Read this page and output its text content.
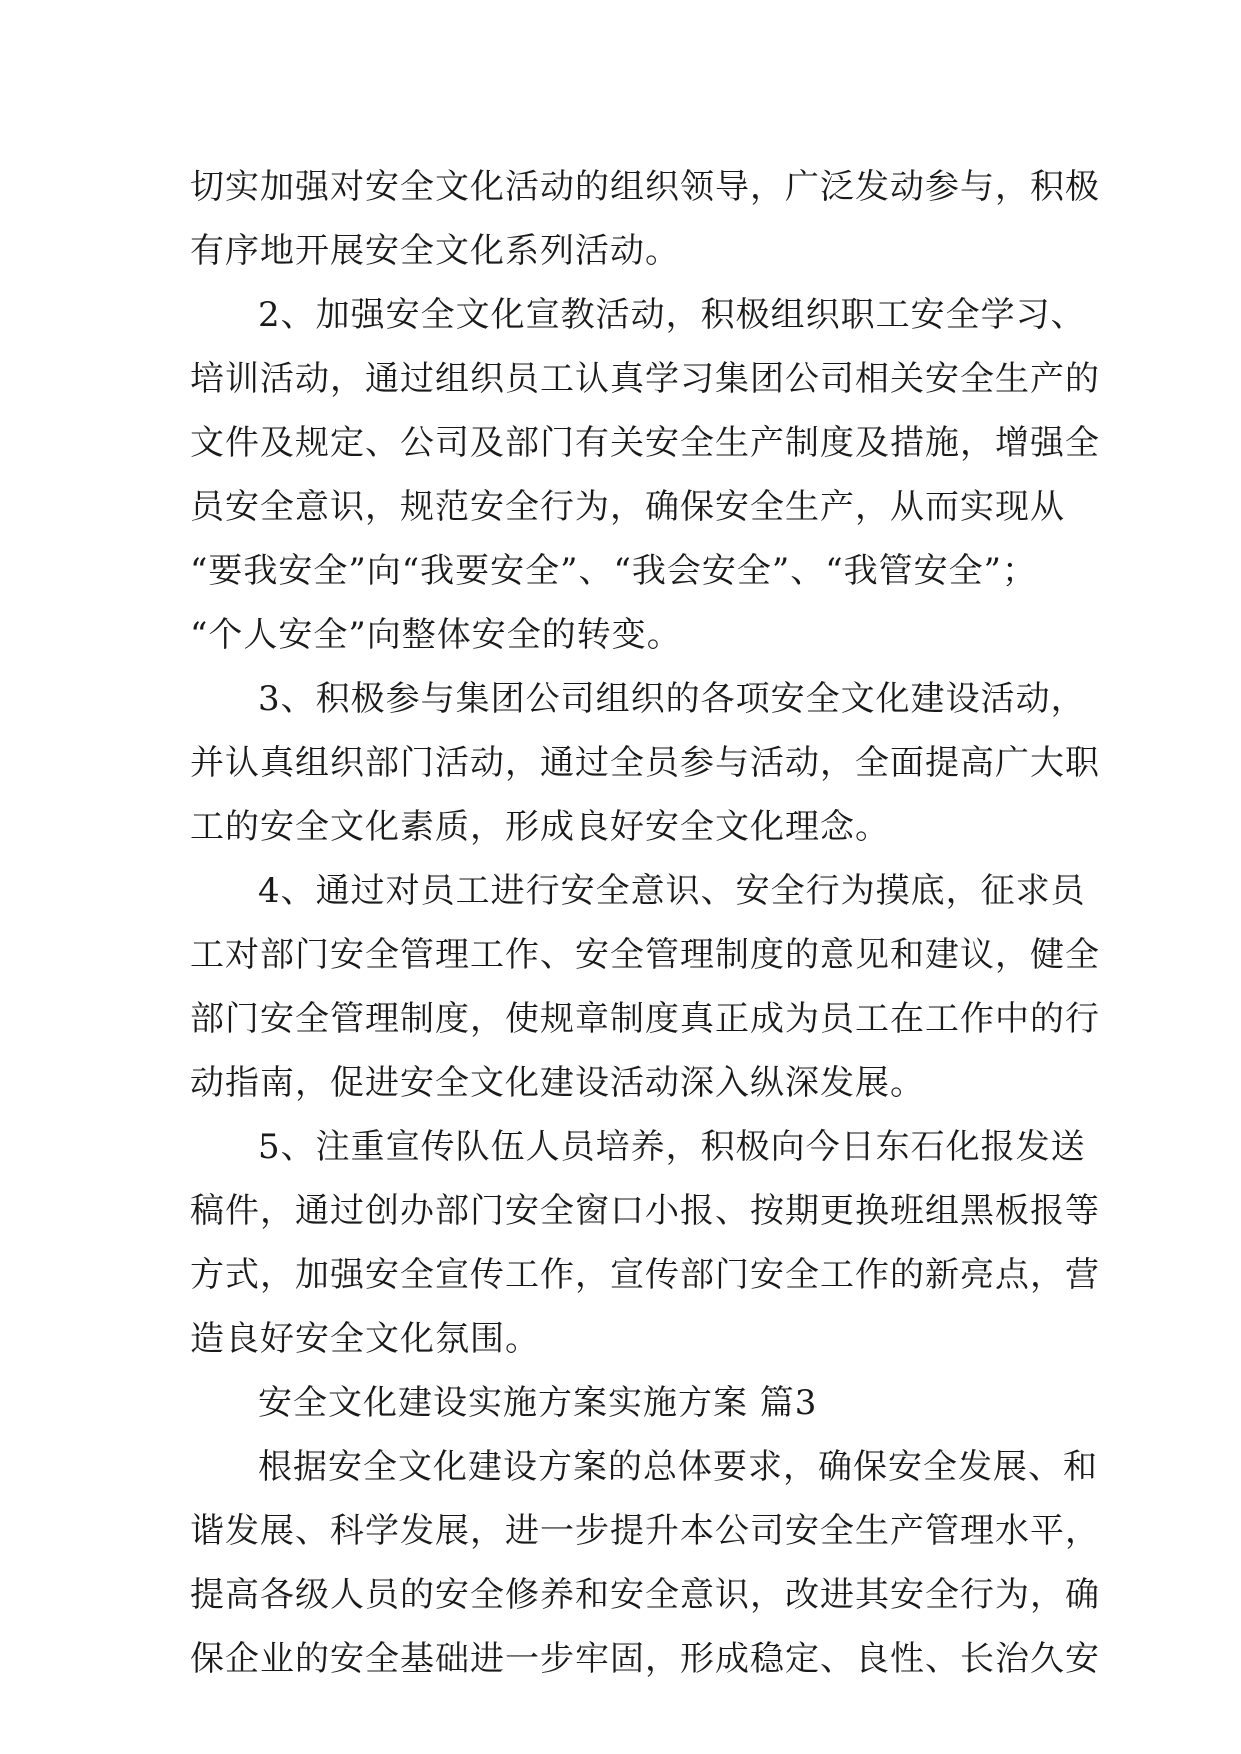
切实加强对安全文化活动的组织领导，广泛发动参与，积极
有序地开展安全文化系列活动。
2、加强安全文化宣教活动，积极组织职工安全学习、
培训活动，通过组织员工认真学习集团公司相关安全生产的
文件及规定、公司及部门有关安全生产制度及措施，增强全
员安全意识，规范安全行为，确保安全生产，从而实现从
“要我安全”向“我要安全”、“我会安全”、“我管安全”；
“个人安全”向整体安全的转变。
3、积极参与集团公司组织的各项安全文化建设活动，
并认真组织部门活动，通过全员参与活动，全面提高广大职
工的安全文化素质，形成良好安全文化理念。
4、通过对员工进行安全意识、安全行为摸底，征求员
工对部门安全管理工作、安全管理制度的意见和建议，健全
部门安全管理制度，使规章制度真正成为员工在工作中的行
动指南，促进安全文化建设活动深入纵深发展。
5、注重宣传队伍人员培养，积极向今日东石化报发送
稿件，通过创办部门安全窗口小报、按期更换班组黑板报等
方式，加强安全宣传工作，宣传部门安全工作的新亮点，营
造良好安全文化氛围。
安全文化建设实施方案实施方案 篇3
根据安全文化建设方案的总体要求，确保安全发展、和
谐发展、科学发展，进一步提升本公司安全生产管理水平，
提高各级人员的安全修养和安全意识，改进其安全行为，确
保企业的安全基础进一步牢固，形成稳定、良性、长治久安
